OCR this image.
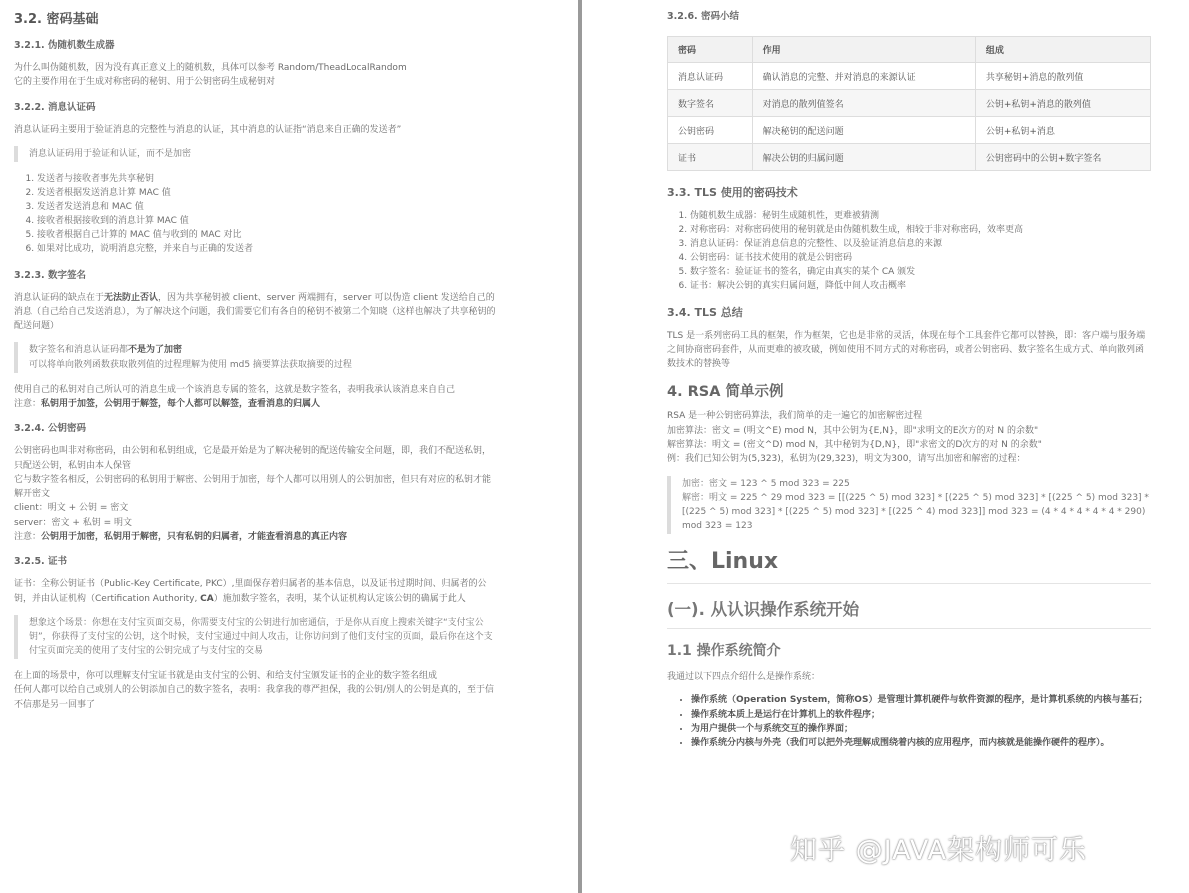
3.2. 密码基础
3.2.1. 伪随机数生成器
为什么叫伪随机数，因为没有真正意义上的随机数，具体可以参考 Random/TheadLocalRandom
它的主要作用在于生成对称密码的秘钥、用于公钥密码生成秘钥对
3.2.2. 消息认证码
消息认证码主要用于验证消息的完整性与消息的认证，其中消息的认证指“消息来自正确的发送者”
消息认证码用于验证和认证，而不是加密
1. 发送者与接收者事先共享秘钥
2. 发送者根据发送消息计算 MAC 值
3. 发送者发送消息和 MAC 值
4. 接收者根据接收到的消息计算 MAC 值
5. 接收者根据自己计算的 MAC 值与收到的 MAC 对比
6. 如果对比成功，说明消息完整，并来自与正确的发送者
3.2.3. 数字签名
消息认证码的缺点在于无法防止否认，因为共享秘钥被 client、server 两端拥有，server 可以伪造 client 发送给自己的消息（自己给自己发送消息），为了解决这个问题，我们需要它们有各自的秘钥不被第二个知晓（这样也解决了共享秘钥的配送问题）
数字签名和消息认证码都不是为了加密
可以将单向散列函数获取散列值的过程理解为使用 md5 摘要算法获取摘要的过程
使用自己的私钥对自己所认可的消息生成一个该消息专属的签名，这就是数字签名，表明我承认该消息来自自己
注意：私钥用于加签，公钥用于解签，每个人都可以解签，查看消息的归属人
3.2.4. 公钥密码
公钥密码也叫非对称密码，由公钥和私钥组成，它是最开始是为了解决秘钥的配送传输安全问题，即，我们不配送私钥，只配送公钥，私钥由本人保管
它与数字签名相反，公钥密码的私钥用于解密、公钥用于加密，每个人都可以用别人的公钥加密，但只有对应的私钥才能解开密文
client：明文 + 公钥 = 密文
server：密文 + 私钥 = 明文
注意：公钥用于加密，私钥用于解密，只有私钥的归属者，才能查看消息的真正内容
3.2.5. 证书
证书：全称公钥证书（Public-Key Certificate, PKC）,里面保存着归属者的基本信息，以及证书过期时间、归属者的公钥，并由认证机构（Certification Authority, CA）施加数字签名，表明，某个认证机构认定该公钥的确属于此人
想象这个场景：你想在支付宝页面交易，你需要支付宝的公钥进行加密通信，于是你从百度上搜索关键字“支付宝公钥”，你获得了支付宝的公钥，这个时候，支付宝通过中间人攻击，让你访问到了他们支付宝的页面，最后你在这个支付宝页面完美的使用了支付宝的公钥完成了与支付宝的交易
在上面的场景中，你可以理解支付宝证书就是由支付宝的公钥、和给支付宝颁发证书的企业的数字签名组成
任何人都可以给自己或别人的公钥添加自己的数字签名，表明：我拿我的尊严担保，我的公钥/别人的公钥是真的，至于信不信那是另一回事了
3.2.6. 密码小结
密码	作用	组成
消息认证码	确认消息的完整、并对消息的来源认证	共享秘钥+消息的散列值
数字签名	对消息的散列值签名	公钥+私钥+消息的散列值
公钥密码	解决秘钥的配送问题	公钥+私钥+消息
证书	解决公钥的归属问题	公钥密码中的公钥+数字签名
3.3. TLS 使用的密码技术
1. 伪随机数生成器：秘钥生成随机性，更难被猜测
2. 对称密码：对称密码使用的秘钥就是由伪随机数生成，相较于非对称密码，效率更高
3. 消息认证码：保证消息信息的完整性、以及验证消息信息的来源
4. 公钥密码：证书技术使用的就是公钥密码
5. 数字签名：验证证书的签名，确定由真实的某个 CA 颁发
6. 证书：解决公钥的真实归属问题，降低中间人攻击概率
3.4. TLS 总结
TLS 是一系列密码工具的框架，作为框架，它也是非常的灵活，体现在每个工具套件它都可以替换，即：客户端与服务端之间协商密码套件，从而更难的被攻破，例如使用不同方式的对称密码，或者公钥密码、数字签名生成方式、单向散列函数技术的替换等
4. RSA 简单示例
RSA 是一种公钥密码算法，我们简单的走一遍它的加密解密过程
加密算法：密文 = (明文^E) mod N，其中公钥为{E,N}，即"求明文的E次方的对 N 的余数"
解密算法：明文 = (密文^D) mod N，其中秘钥为{D,N}，即"求密文的D次方的对 N 的余数"
例：我们已知公钥为(5,323)，私钥为(29,323)，明文为300，请写出加密和解密的过程：
加密：密文 = 123 ^ 5 mod 323 = 225
解密：明文 = 225 ^ 29 mod 323 = [[(225 ^ 5) mod 323] * [(225 ^ 5) mod 323] * [(225 ^ 5) mod 323] * [(225 ^ 5) mod 323] * [(225 ^ 5) mod 323] * [(225 ^ 4) mod 323]] mod 323 = (4 * 4 * 4 * 4 * 4 * 290) mod 323 = 123
三、Linux
(一). 从认识操作系统开始
1.1 操作系统简介
我通过以下四点介绍什么是操作系统：
• 操作系统（Operation System，简称OS）是管理计算机硬件与软件资源的程序，是计算机系统的内核与基石；
• 操作系统本质上是运行在计算机上的软件程序；
• 为用户提供一个与系统交互的操作界面；
• 操作系统分内核与外壳（我们可以把外壳理解成围绕着内核的应用程序，而内核就是能操作硬件的程序）。
知乎 @JAVA架构师可乐
